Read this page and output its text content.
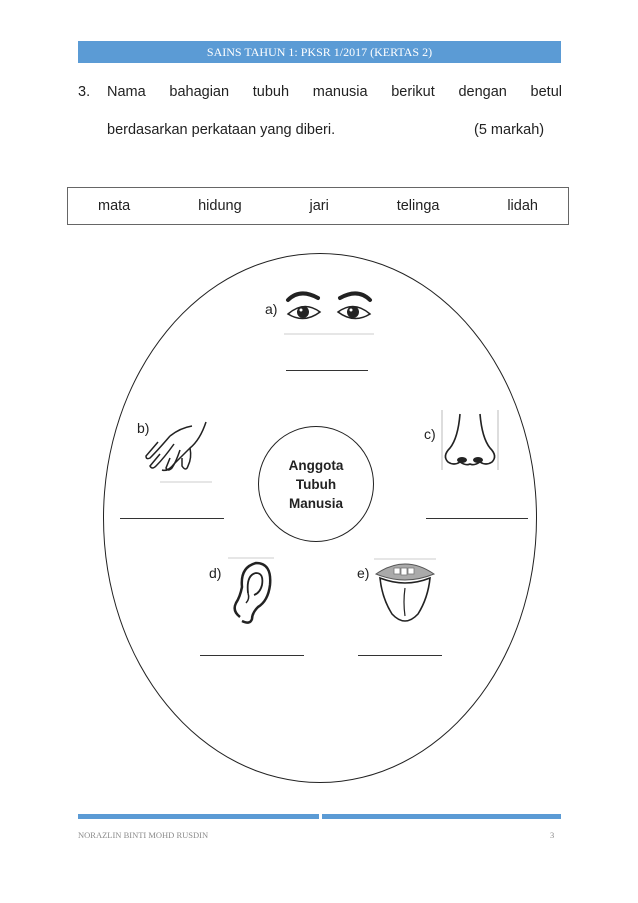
SAINS TAHUN 1: PKSR 1/2017 (KERTAS 2)
3. Nama bahagian tubuh manusia berikut dengan betul
berdasarkan perkataan yang diberi.	(5 markah)
mata	hidung	jari	telinga	lidah
Anggota
Tubuh
Manusia
a)
b)	c)
d)	e)
NORAZLIN BINTI MOHD RUSDIN	3
